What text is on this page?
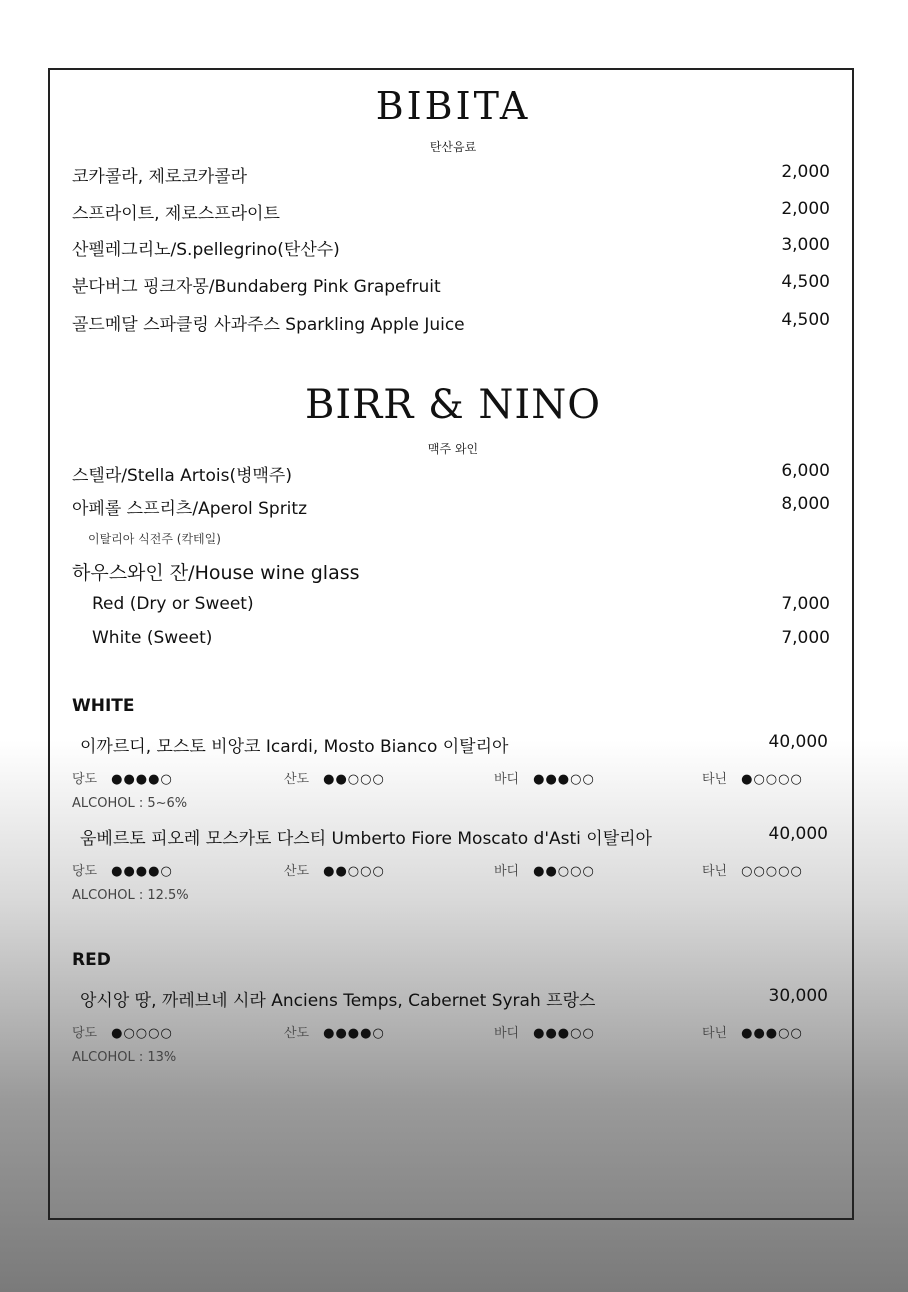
BIBITA
탄산음료
코카콜라, 제로코카콜라	2,000
스프라이트, 제로스프라이트	2,000
산펠레그리노/S.pellegrino(탄산수)	3,000
분다버그 핑크자몽/Bundaberg Pink Grapefruit	4,500
골드메달 스파클링 사과주스 Sparkling Apple Juice	4,500
BIRR & NINO
맥주 와인
스텔라/Stella Artois(병맥주)	6,000
아페롤 스프리츠/Aperol Spritz	8,000
이탈리아 식전주 (칵테일)
하우스와인 잔/House wine glass
Red (Dry or Sweet)	7,000
White (Sweet)	7,000
WHITE
이까르디, 모스토 비앙코 Icardi, Mosto Bianco 이탈리아	40,000
당도 ●●●●○	산도 ●●○○○	바디 ●●●○○	타닌 ●○○○○
ALCOHOL : 5~6%
움베르토 피오레 모스카토 다스티 Umberto Fiore Moscato d'Asti 이탈리아	40,000
당도 ●●●●○	산도 ●●○○○	바디 ●●○○○	타닌 ○○○○○
ALCOHOL : 12.5%
RED
앙시앙 땅, 까레브네 시라 Anciens Temps, Cabernet Syrah 프랑스	30,000
당도 ●○○○○	산도 ●●●●○	바디 ●●●○○	타닌 ●●●○○
ALCOHOL : 13%
